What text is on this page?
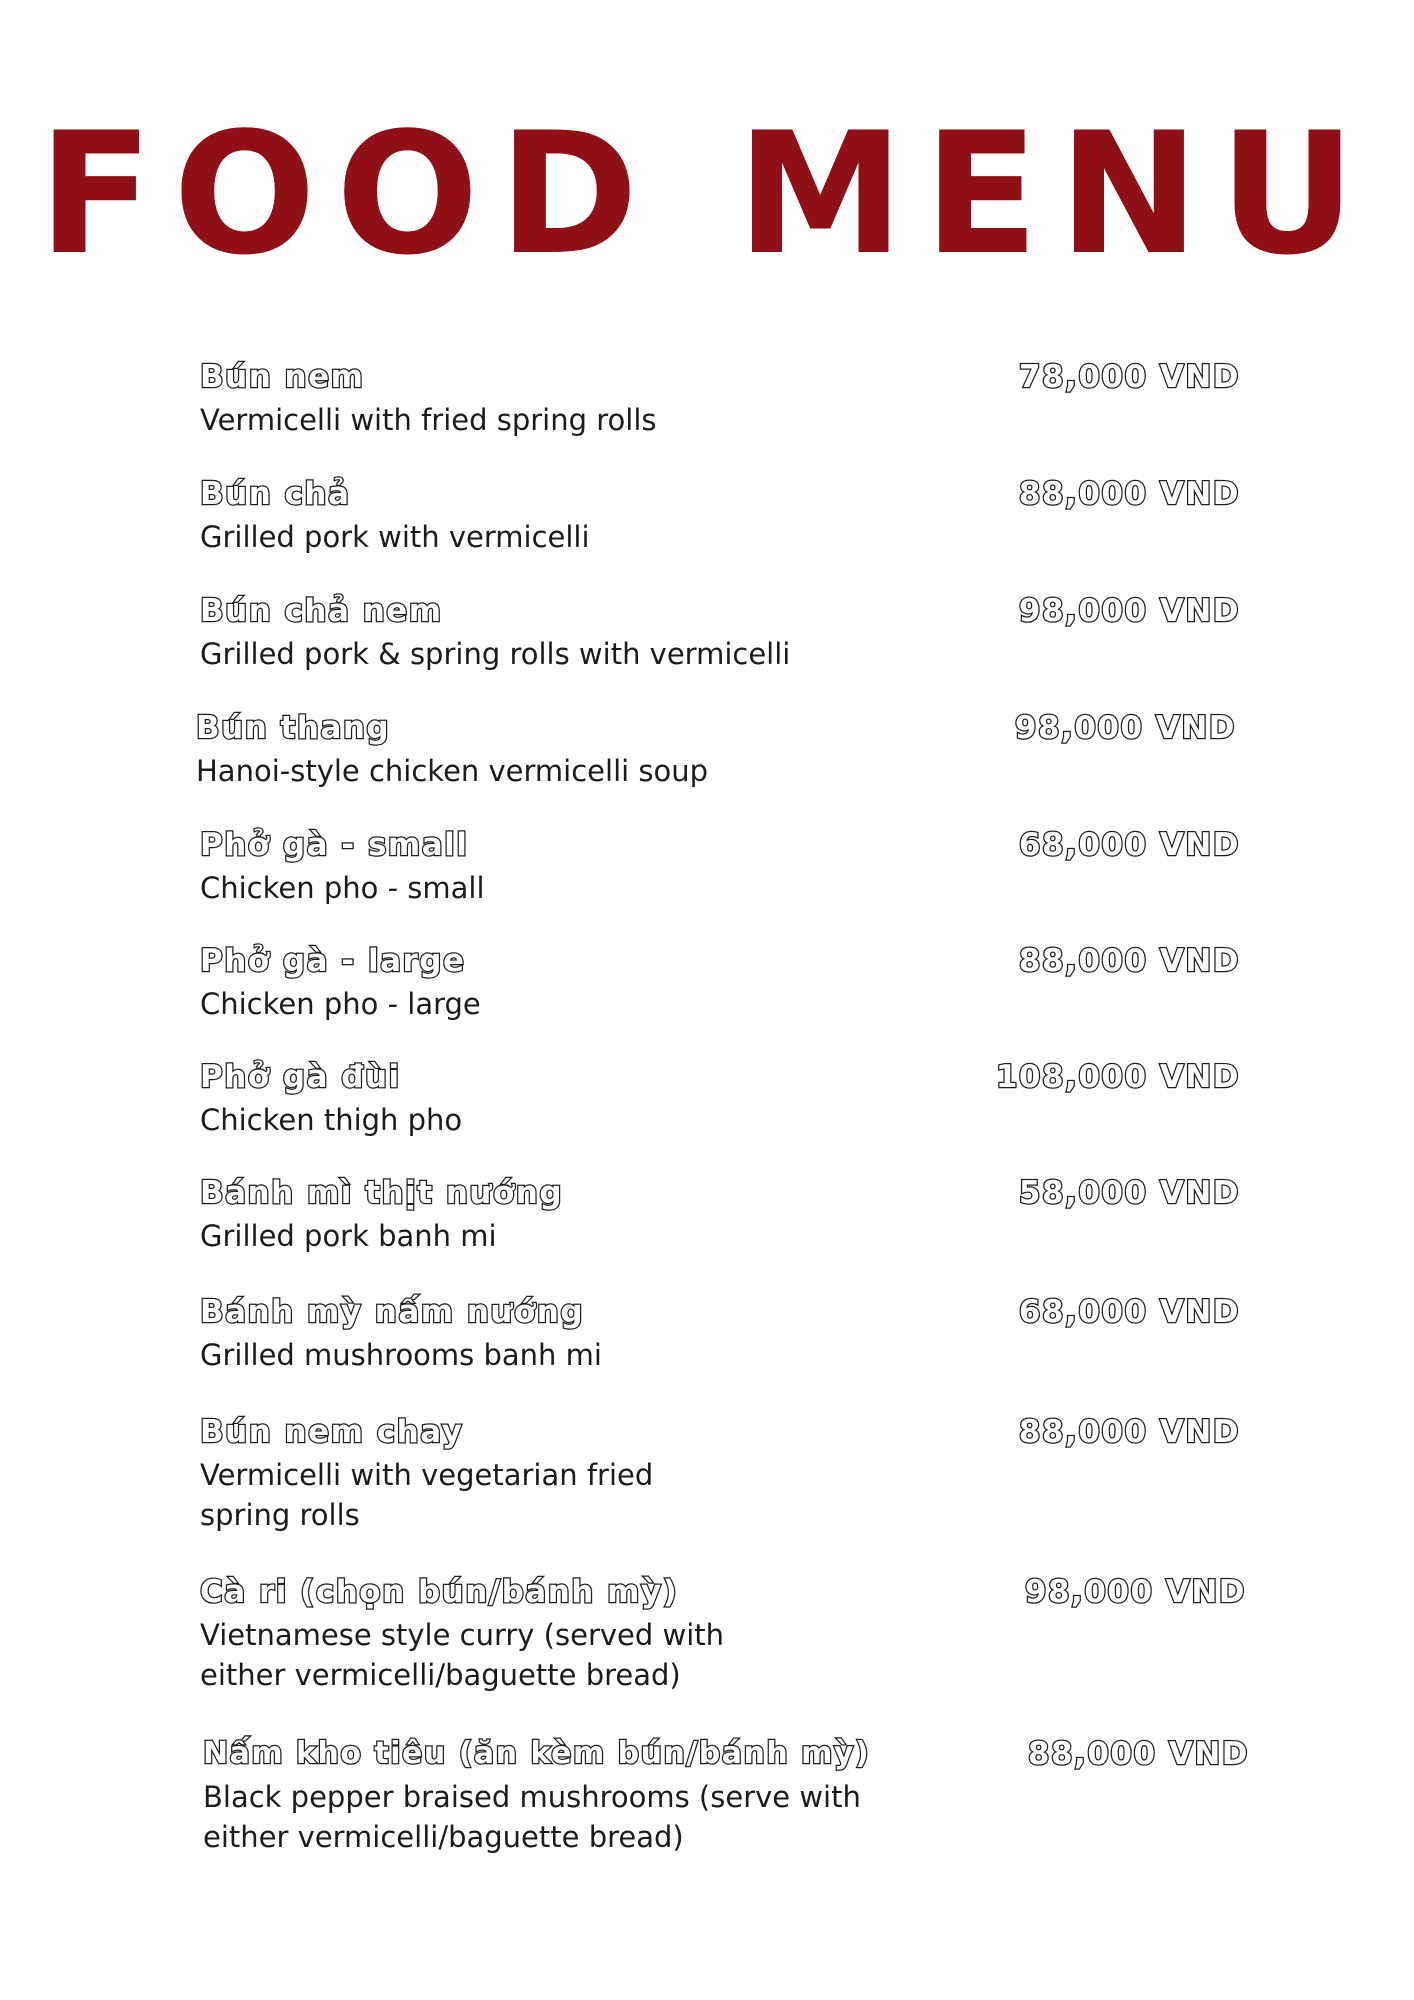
FOOD MENU
Bún nem
Vermicelli with fried spring rolls
78,000 VND
Bún chả
Grilled pork with vermicelli
88,000 VND
Bún chả nem
Grilled pork & spring rolls with vermicelli
98,000 VND
Bún thang
Hanoi-style chicken vermicelli soup
98,000 VND
Phở gà - small
Chicken pho - small
68,000 VND
Phở gà - large
Chicken pho - large
88,000 VND
Phở gà đùi
Chicken thigh pho
108,000 VND
Bánh mì thịt nướng
Grilled pork banh mi
58,000 VND
Bánh mỳ nấm nướng
Grilled mushrooms banh mi
68,000 VND
Bún nem chay
Vermicelli with vegetarian fried spring rolls
88,000 VND
Cà ri (chọn bún/bánh mỳ)
Vietnamese style curry (served with either vermicelli/baguette bread)
98,000 VND
Nấm kho tiêu (ăn kèm bún/bánh mỳ)
Black pepper braised mushrooms (serve with either vermicelli/baguette bread)
88,000 VND
